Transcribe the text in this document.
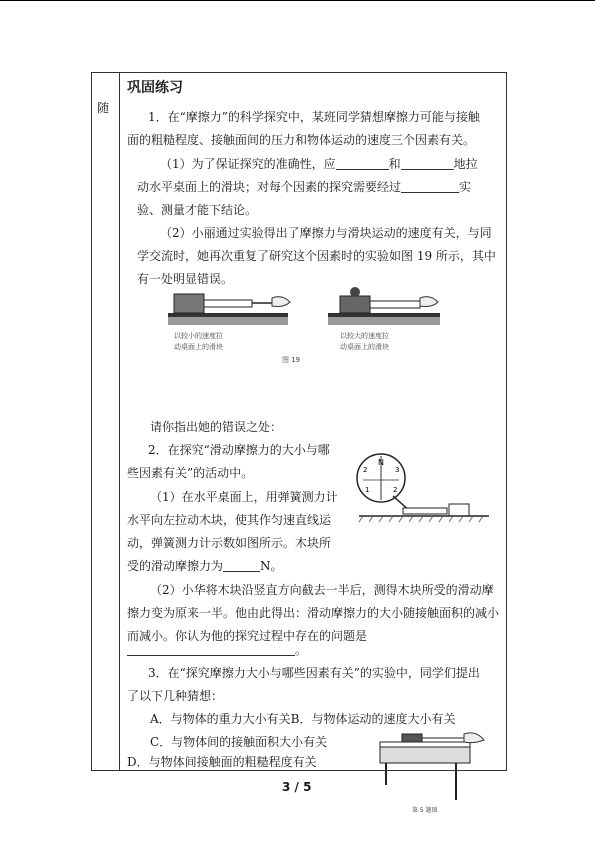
随
巩固练习
1．在“摩擦力”的科学探究中，某班同学猜想摩擦力可能与接触
面的粗糙程度、接触面间的压力和物体运动的速度三个因素有关。
（1）为了保证探究的准确性，应	和	地拉
动水平桌面上的滑块；对每个因素的探究需要经过	实
验、测量才能下结论。
（2）小丽通过实验得出了摩擦力与滑块运动的速度有关，与同
学交流时，她再次重复了研究这个因素时的实验如图 19 所示，其中
有一处明显错误。
以较小的速度拉
动桌面上的滑块
以较大的速度拉
动桌面上的滑块
图 19
请你指出她的错误之处：
2．在探究“滑动摩擦力的大小与哪
些因素有关”的活动中。
（1）在水平桌面上，用弹簧测力计
水平向左拉动木块，使其作匀速直线运
动，弹簧测力计示数如图所示。木块所
受的滑动摩擦力为	N。
N
2	3
1	2
（2）小华将木块沿竖直方向截去一半后，测得木块所受的滑动摩
擦力变为原来一半。他由此得出：滑动摩擦力的大小随接触面积的减小
而减小。你认为他的探究过程中存在的问题是
。
3．在“探究摩擦力大小与哪些因素有关”的实验中，同学们提出
了以下几种猜想：
A．与物体的重力大小有关B．与物体运动的速度大小有关
C．与物体间的接触面积大小有关
D．与物体间接触面的粗糙程度有关
第 5 题图
3 / 5
